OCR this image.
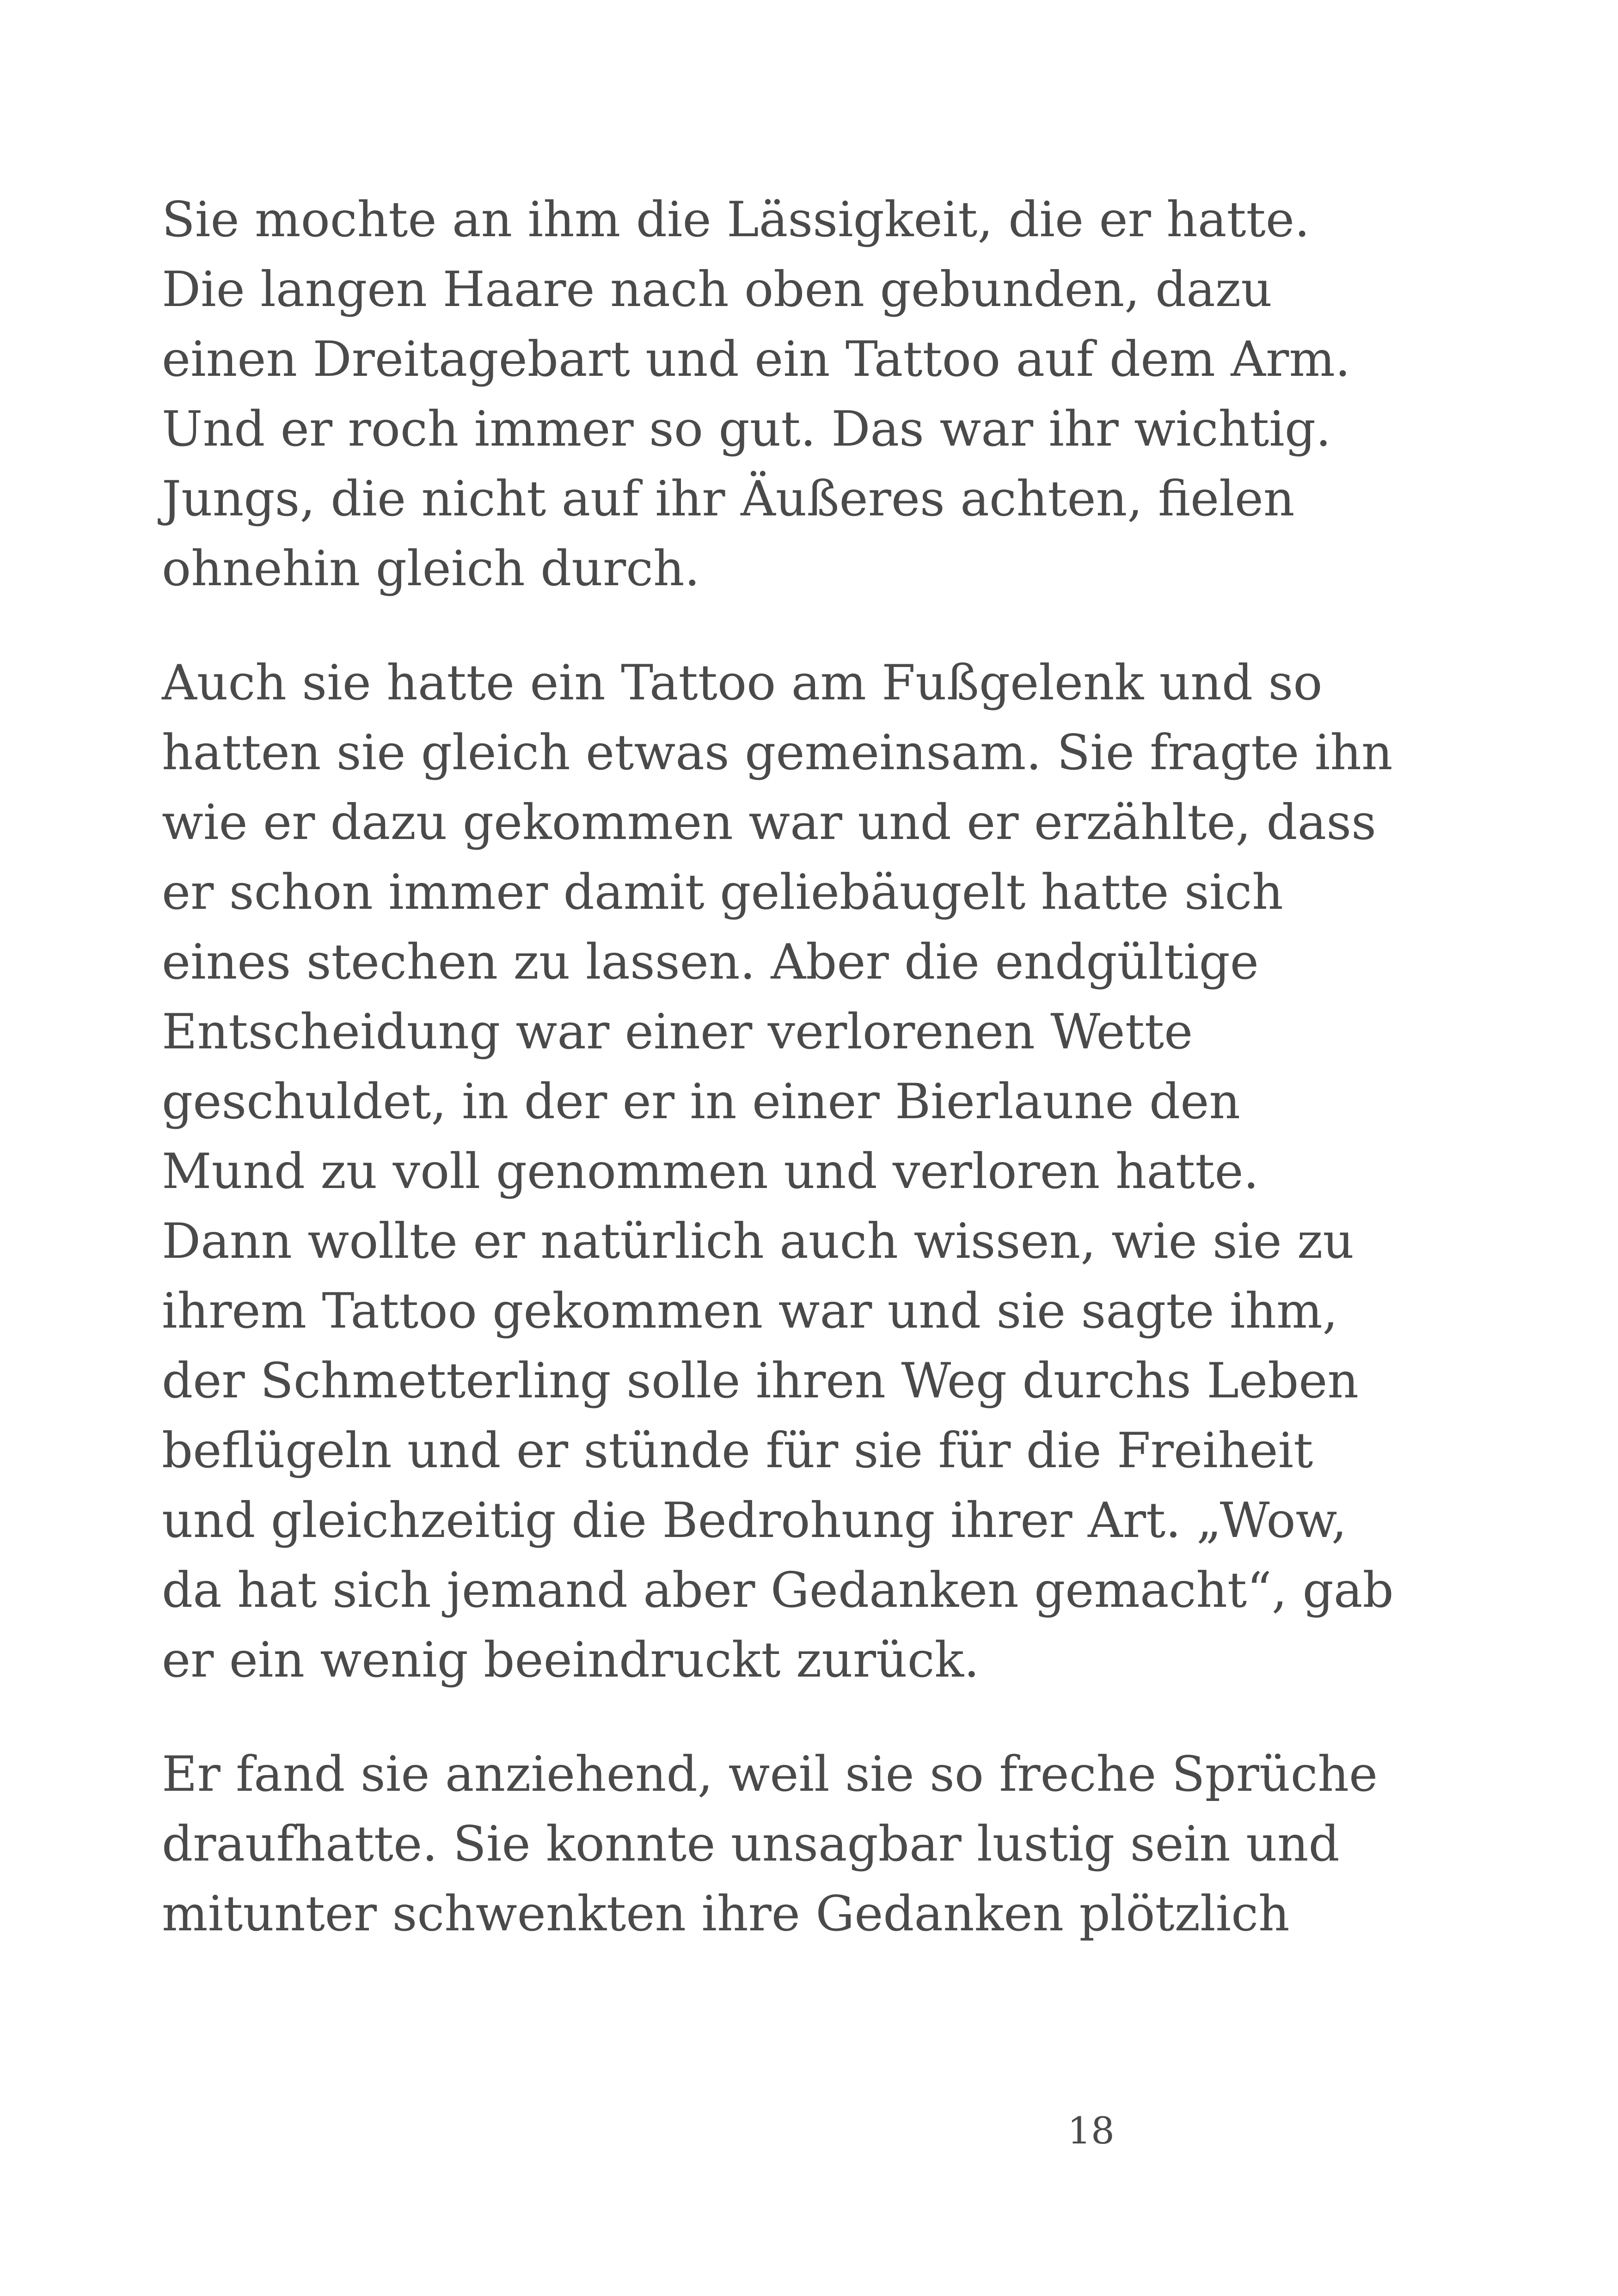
Sie mochte an ihm die Lässigkeit, die er hatte.
Die langen Haare nach oben gebunden, dazu
einen Dreitagebart und ein Tattoo auf dem Arm.
Und er roch immer so gut. Das war ihr wichtig.
Jungs, die nicht auf ihr Äußeres achten, fielen
ohnehin gleich durch.

Auch sie hatte ein Tattoo am Fußgelenk und so
hatten sie gleich etwas gemeinsam. Sie fragte ihn
wie er dazu gekommen war und er erzählte, dass
er schon immer damit geliebäugelt hatte sich
eines stechen zu lassen. Aber die endgültige
Entscheidung war einer verlorenen Wette
geschuldet, in der er in einer Bierlaune den
Mund zu voll genommen und verloren hatte.
Dann wollte er natürlich auch wissen, wie sie zu
ihrem Tattoo gekommen war und sie sagte ihm,
der Schmetterling solle ihren Weg durchs Leben
beflügeln und er stünde für sie für die Freiheit
und gleichzeitig die Bedrohung ihrer Art. „Wow,
da hat sich jemand aber Gedanken gemacht“, gab
er ein wenig beeindruckt zurück.

Er fand sie anziehend, weil sie so freche Sprüche
draufhatte. Sie konnte unsagbar lustig sein und
mitunter schwenkten ihre Gedanken plötzlich

18
